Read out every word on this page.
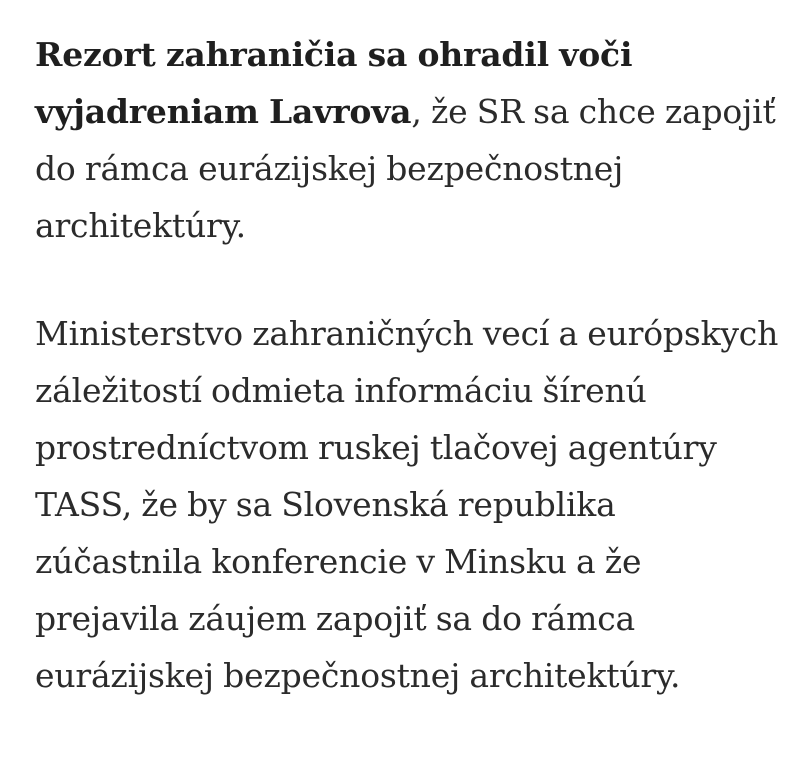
Rezort zahraničia sa ohradil voči vyjadreniam Lavrova, že SR sa chce zapojiť do rámca eurázijskej bezpečnostnej architektúry.

Ministerstvo zahraničných vecí a európskych záležitostí odmieta informáciu šírenú prostredníctvom ruskej tlačovej agentúry TASS, že by sa Slovenská republika zúčastnila konferencie v Minsku a že prejavila záujem zapojiť sa do rámca eurázijskej bezpečnostnej architektúry.
